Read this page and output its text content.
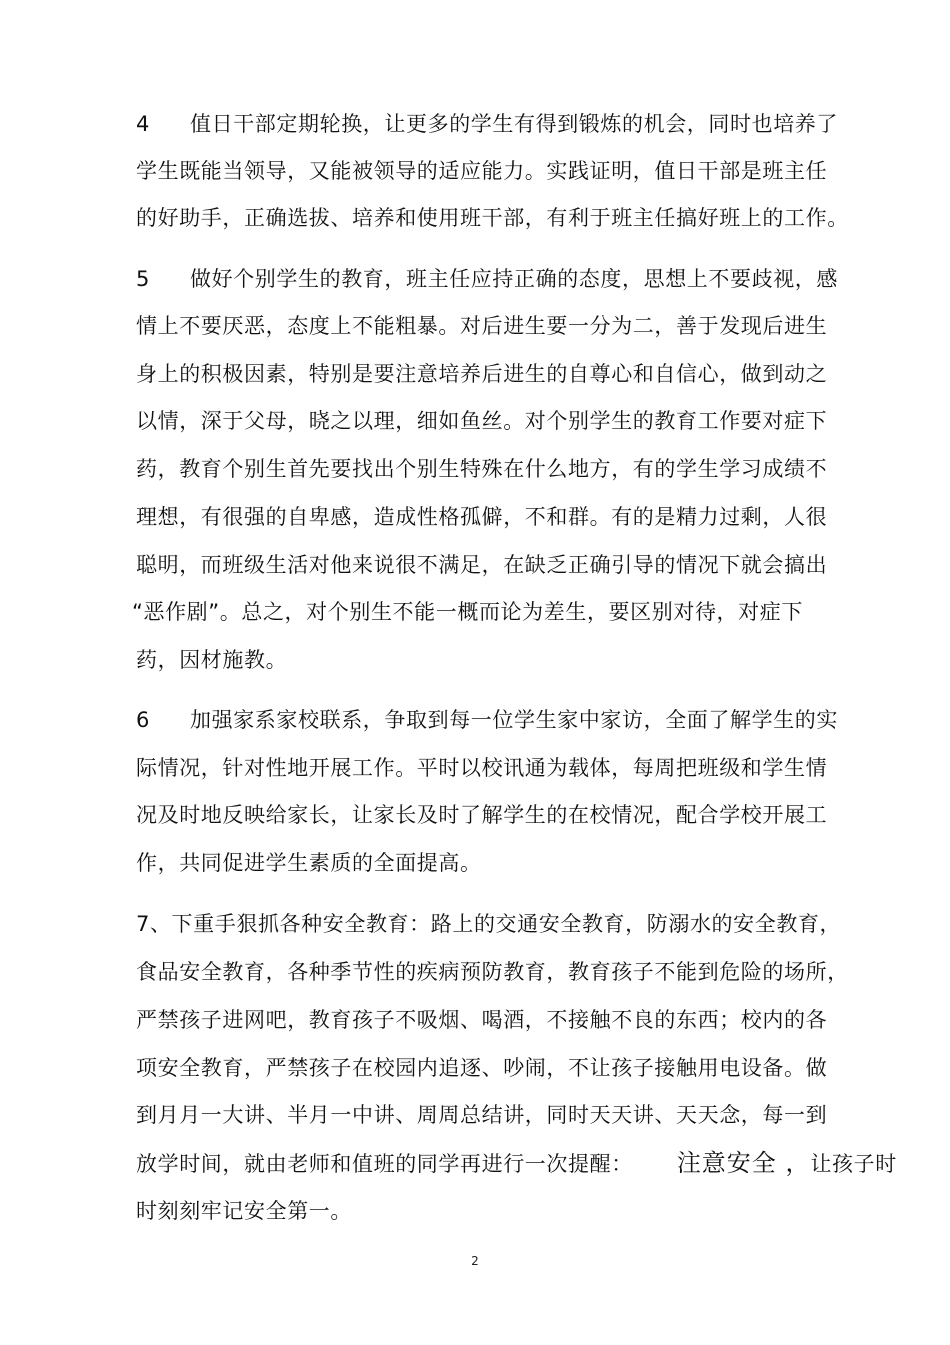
4 值日干部定期轮换，让更多的学生有得到锻炼的机会，同时也培养了
学生既能当领导，又能被领导的适应能力。实践证明，值日干部是班主任
的好助手，正确选拔、培养和使用班干部，有利于班主任搞好班上的工作。
5 做好个别学生的教育，班主任应持正确的态度，思想上不要歧视，感
情上不要厌恶，态度上不能粗暴。对后进生要一分为二，善于发现后进生
身上的积极因素，特别是要注意培养后进生的自尊心和自信心，做到动之
以情，深于父母，晓之以理，细如鱼丝。对个别学生的教育工作要对症下
药，教育个别生首先要找出个别生特殊在什么地方，有的学生学习成绩不
理想，有很强的自卑感，造成性格孤僻，不和群。有的是精力过剩，人很
聪明，而班级生活对他来说很不满足，在缺乏正确引导的情况下就会搞出
“恶作剧”。总之，对个别生不能一概而论为差生，要区别对待，对症下
药，因材施教。
6 加强家系家校联系，争取到每一位学生家中家访，全面了解学生的实
际情况，针对性地开展工作。平时以校讯通为载体，每周把班级和学生情
况及时地反映给家长，让家长及时了解学生的在校情况，配合学校开展工
作，共同促进学生素质的全面提高。
7、下重手狠抓各种安全教育：路上的交通安全教育，防溺水的安全教育，
食品安全教育，各种季节性的疾病预防教育，教育孩子不能到危险的场所，
严禁孩子进网吧，教育孩子不吸烟、喝酒，不接触不良的东西；校内的各
项安全教育，严禁孩子在校园内追逐、吵闹，不让孩子接触用电设备。做
到月月一大讲、半月一中讲、周周总结讲，同时天天讲、天天念，每一到
放学时间，就由老师和值班的同学再进行一次提醒： 注意安全 ，让孩子时
时刻刻牢记安全第一。
2
